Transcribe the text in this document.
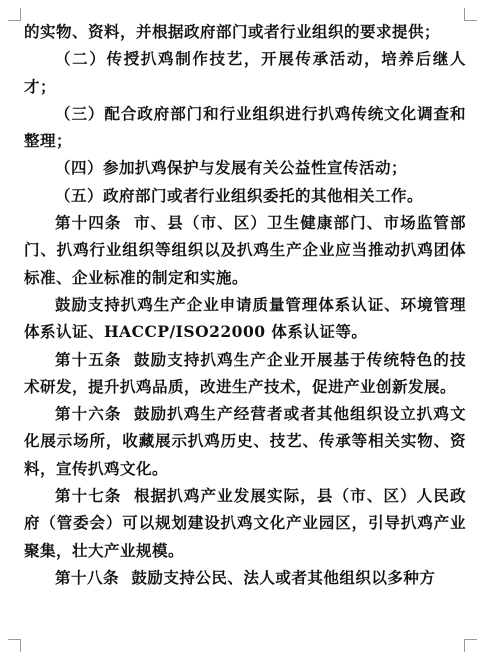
的实物、资料，并根据政府部门或者行业组织的要求提供；

（二）传授扒鸡制作技艺，开展传承活动，培养后继人才；

（三）配合政府部门和行业组织进行扒鸡传统文化调查和整理；

（四）参加扒鸡保护与发展有关公益性宣传活动；

（五）政府部门或者行业组织委托的其他相关工作。

第十四条 市、县（市、区）卫生健康部门、市场监管部门、扒鸡行业组织等组织以及扒鸡生产企业应当推动扒鸡团体标准、企业标准的制定和实施。

鼓励支持扒鸡生产企业申请质量管理体系认证、环境管理体系认证、HACCP/ISO22000 体系认证等。

第十五条 鼓励支持扒鸡生产企业开展基于传统特色的技术研发，提升扒鸡品质，改进生产技术，促进产业创新发展。

第十六条 鼓励扒鸡生产经营者或者其他组织设立扒鸡文化展示场所，收藏展示扒鸡历史、技艺、传承等相关实物、资料，宣传扒鸡文化。

第十七条 根据扒鸡产业发展实际，县（市、区）人民政府（管委会）可以规划建设扒鸡文化产业园区，引导扒鸡产业聚集，壮大产业规模。

第十八条 鼓励支持公民、法人或者其他组织以多种方
